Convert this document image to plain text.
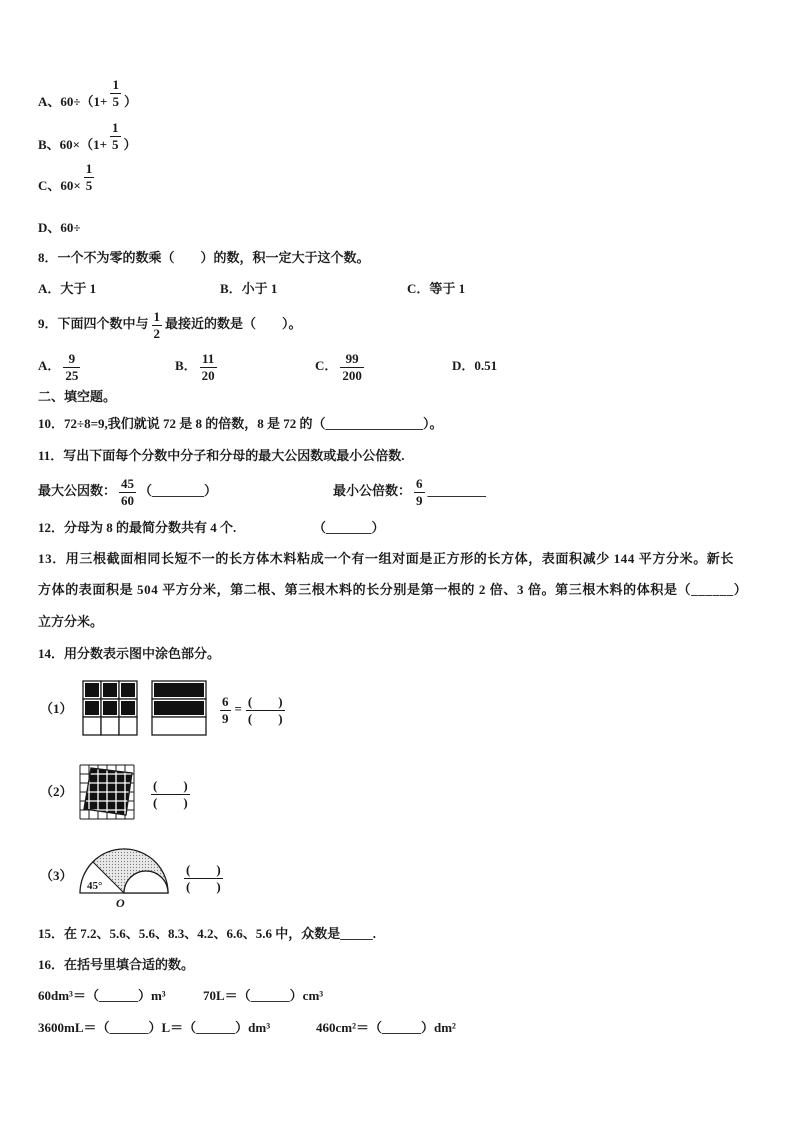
A、$60\div(1+ \frac{1}{5}$ ）
B、$60\times(1+ \frac{1}{5}$ ）
C、$60\times \frac{1}{5}$
D、60÷
8．一个不为零的数乘（　　）的数，积一定大于这个数。
A．大于 1	B．小于 1	C．等于 1
9．下面四个数中与 $\frac{1}{2}$ 最接近的数是（　　）。
A． $\frac{9}{25}$	B． $\frac{11}{20}$	C． $\frac{99}{200}$	D．0.51
二、填空题。
10．72÷8=9,我们就说 72 是 8 的倍数，8 是 72 的（_______________）。
11．写出下面每个分数中分子和分母的最大公因数或最小公倍数.
最大公因数： $\frac{45}{60}$ （________）	最小公倍数： $\frac{6}{9}$ _________
12．分母为 8 的最简分数共有 4 个.	（_______）
13．用三根截面相同长短不一的长方体木料粘成一个有一组对面是正方形的长方体，表面积减少 144 平方分米。新长
方体的表面积是 504 平方分米，第二根、第三根木料的长分别是第一根的 2 倍、3 倍。第三根木料的体积是（______）
立方分米。
14．用分数表示图中涂色部分。
（1）	$\frac{6}{9} = \frac{( )}{( )}$
（2）	$\frac{( )}{( )}$
（3）
45°
O
$\frac{( )}{( )}$
15．在 7.2、5.6、5.6、8.3、4.2、6.6、5.6 中，众数是_____.
16．在括号里填合适的数。
60dm³＝（______）m³	70L＝（______）cm³
3600mL＝（______）L＝（______）dm³	460cm²＝（______）dm²
